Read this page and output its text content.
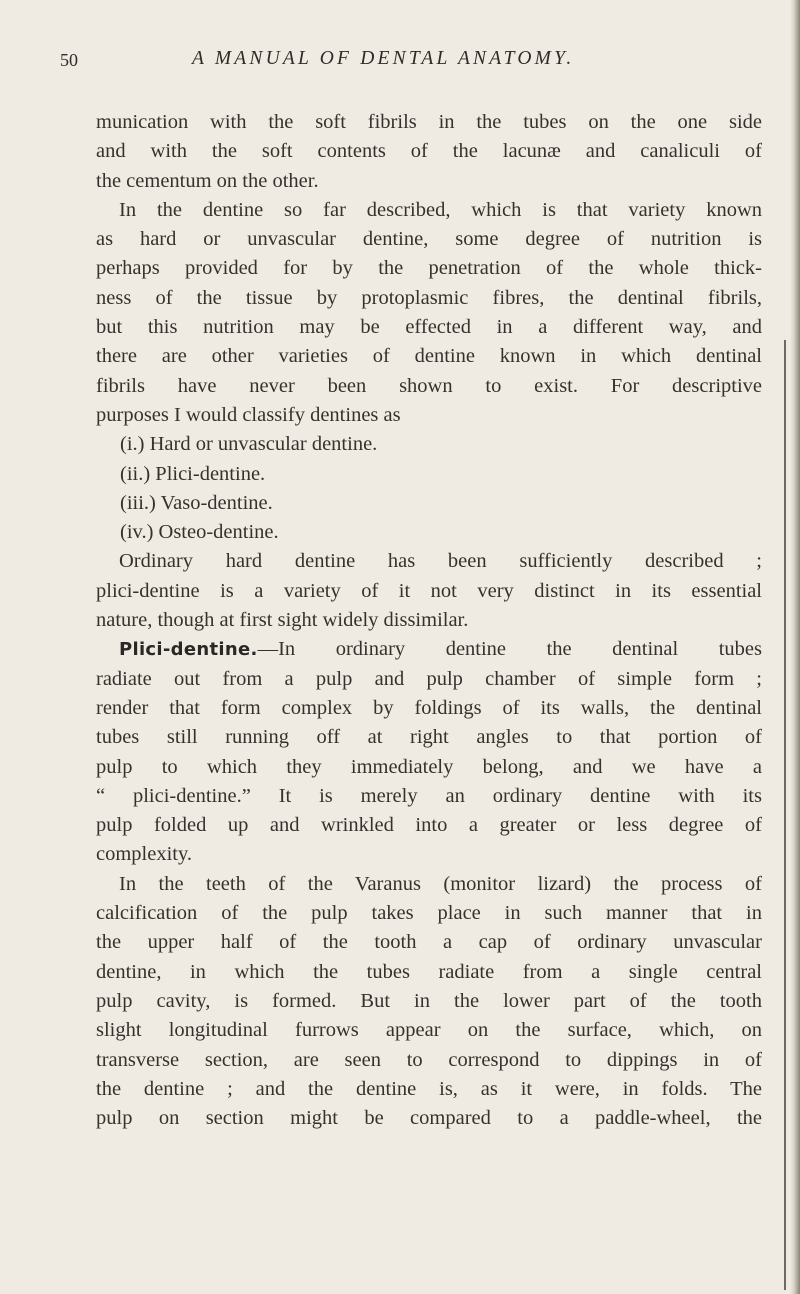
50	A MANUAL OF DENTAL ANATOMY.
munication with the soft fibrils in the tubes on the one side
and with the soft contents of the lacunæ and canaliculi of
the cementum on the other.
In the dentine so far described, which is that variety known
as hard or unvascular dentine, some degree of nutrition is
perhaps provided for by the penetration of the whole thick-
ness of the tissue by protoplasmic fibres, the dentinal fibrils,
but this nutrition may be effected in a different way, and
there are other varieties of dentine known in which dentinal
fibrils have never been shown to exist. For descriptive
purposes I would classify dentines as
(i.) Hard or unvascular dentine.
(ii.) Plici-dentine.
(iii.) Vaso-dentine.
(iv.) Osteo-dentine.
Ordinary hard dentine has been sufficiently described ;
plici-dentine is a variety of it not very distinct in its essential
nature, though at first sight widely dissimilar.
Plici-dentine.—In ordinary dentine the dentinal tubes
radiate out from a pulp and pulp chamber of simple form ;
render that form complex by foldings of its walls, the dentinal
tubes still running off at right angles to that portion of
pulp to which they immediately belong, and we have a
“ plici-dentine.” It is merely an ordinary dentine with its
pulp folded up and wrinkled into a greater or less degree of
complexity.
In the teeth of the Varanus (monitor lizard) the process of
calcification of the pulp takes place in such manner that in
the upper half of the tooth a cap of ordinary unvascular
dentine, in which the tubes radiate from a single central
pulp cavity, is formed. But in the lower part of the tooth
slight longitudinal furrows appear on the surface, which, on
transverse section, are seen to correspond to dippings in of
the dentine ; and the dentine is, as it were, in folds. The
pulp on section might be compared to a paddle-wheel, the
